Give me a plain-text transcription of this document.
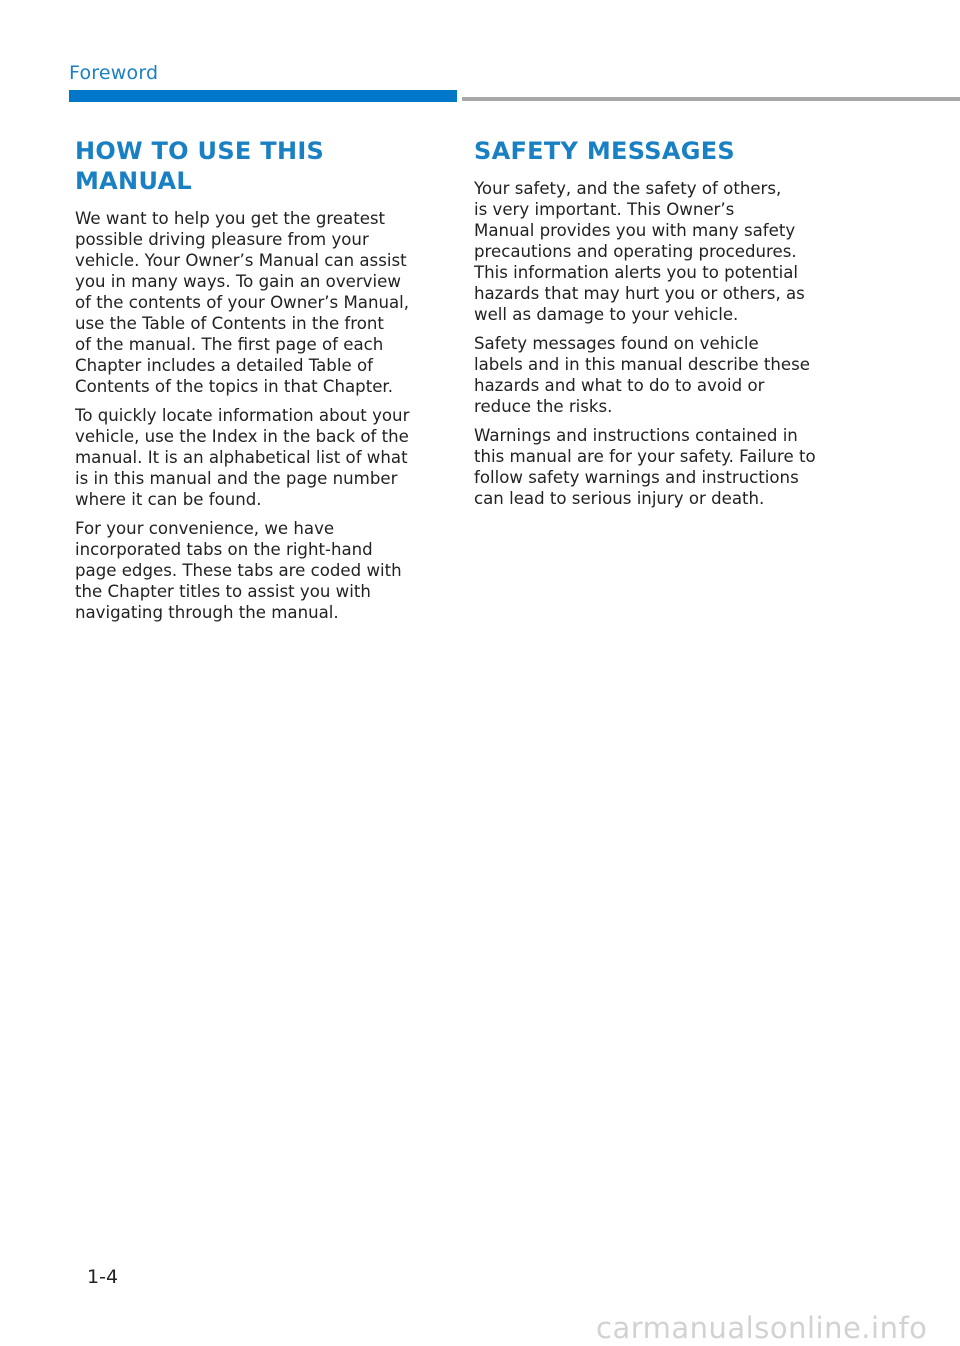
Foreword
HOW TO USE THIS MANUAL

We want to help you get the greatest
possible driving pleasure from your
vehicle. Your Owner’s Manual can assist
you in many ways. To gain an overview
of the contents of your Owner’s Manual,
use the Table of Contents in the front
of the manual. The first page of each
Chapter includes a detailed Table of
Contents of the topics in that Chapter.

To quickly locate information about your
vehicle, use the Index in the back of the
manual. It is an alphabetical list of what
is in this manual and the page number
where it can be found.

For your convenience, we have
incorporated tabs on the right-hand
page edges. These tabs are coded with
the Chapter titles to assist you with
navigating through the manual.

SAFETY MESSAGES

Your safety, and the safety of others,
is very important. This Owner’s
Manual provides you with many safety
precautions and operating procedures.
This information alerts you to potential
hazards that may hurt you or others, as
well as damage to your vehicle.

Safety messages found on vehicle
labels and in this manual describe these
hazards and what to do to avoid or
reduce the risks.

Warnings and instructions contained in
this manual are for your safety. Failure to
follow safety warnings and instructions
can lead to serious injury or death.

1-4
carmanualsonline.info
